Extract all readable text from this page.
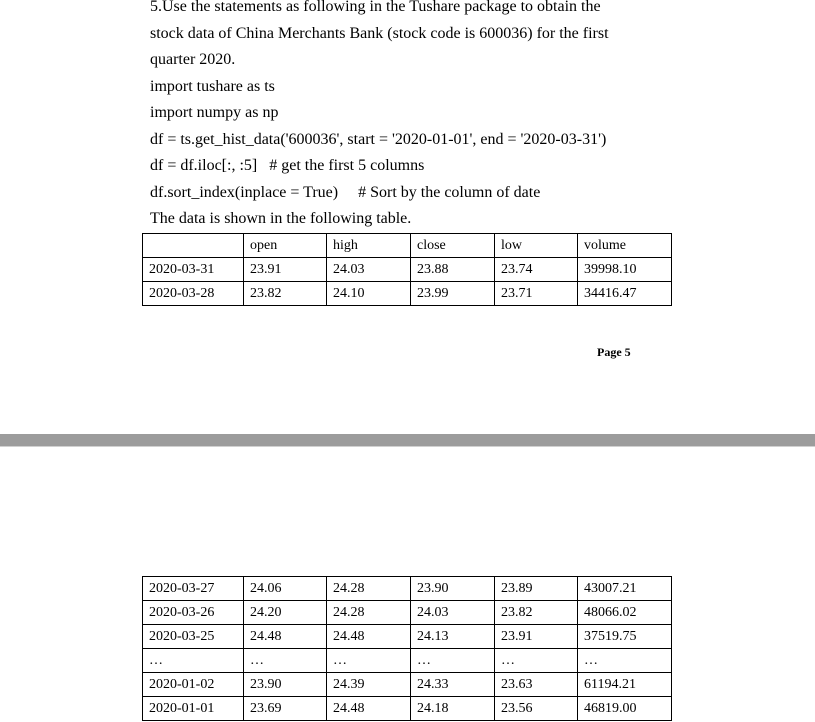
5.Use the statements as following in the Tushare package to obtain the

stock data of China Merchants Bank (stock code is 600036) for the first

quarter 2020.

import tushare as ts

import numpy as np

df = ts.get_hist_data('600036', start = '2020-01-01', end = '2020-03-31')

df = df.iloc[:, :5]   # get the first 5 columns

df.sort_index(inplace = True)     # Sort by the column of date

The data is shown in the following table.

	open	high	close	low	volume
2020-03-31	23.91	24.03	23.88	23.74	39998.10
2020-03-28	23.82	24.10	23.99	23.71	34416.47
Page 5
2020-03-27	24.06	24.28	23.90	23.89	43007.21
2020-03-26	24.20	24.28	24.03	23.82	48066.02
2020-03-25	24.48	24.48	24.13	23.91	37519.75
…	…	…	…	…	…
2020-01-02	23.90	24.39	24.33	23.63	61194.21
2020-01-01	23.69	24.48	24.18	23.56	46819.00
